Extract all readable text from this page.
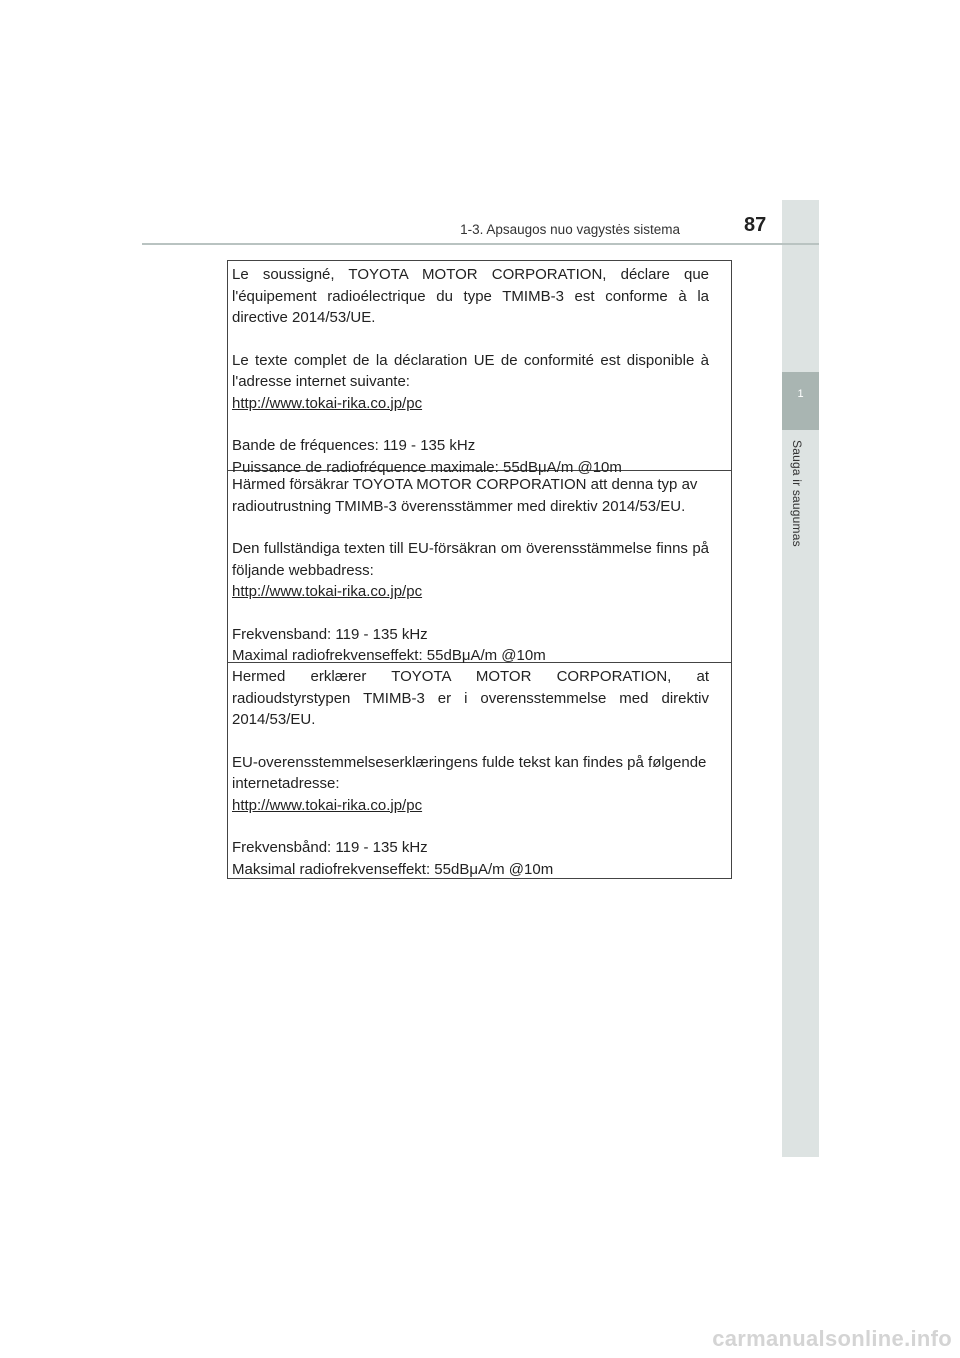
1
Sauga ir saugumas
1-3. Apsaugos nuo vagystės sistema	87

Le soussigné, TOYOTA MOTOR CORPORATION, déclare que l'équipement radioélectrique du type TMIMB-3 est conforme à la directive 2014/53/UE.

Le texte complet de la déclaration UE de conformité est disponible à l'adresse internet suivante:

http://www.tokai-rika.co.jp/pc

Bande de fréquences: 119 - 135 kHz

Puissance de radiofréquence maximale: 55dBμA/m @10m

Härmed försäkrar TOYOTA MOTOR CORPORATION att denna typ av radioutrustning TMIMB-3 överensstämmer med direktiv 2014/53/EU.

Den fullständiga texten till EU-försäkran om överensstämmelse finns på följande webbadress:

http://www.tokai-rika.co.jp/pc

Frekvensband: 119 - 135 kHz

Maximal radiofrekvenseffekt: 55dBμA/m @10m

Hermed erklærer TOYOTA MOTOR CORPORATION, at radioudstyrstypen TMIMB-3 er i overensstemmelse med direktiv 2014/53/EU.

EU-overensstemmelseserklæringens fulde tekst kan findes på følgende internetadresse:

http://www.tokai-rika.co.jp/pc

Frekvensbånd: 119 - 135 kHz

Maksimal radiofrekvenseffekt: 55dBμA/m @10m

carmanualsonline.info
